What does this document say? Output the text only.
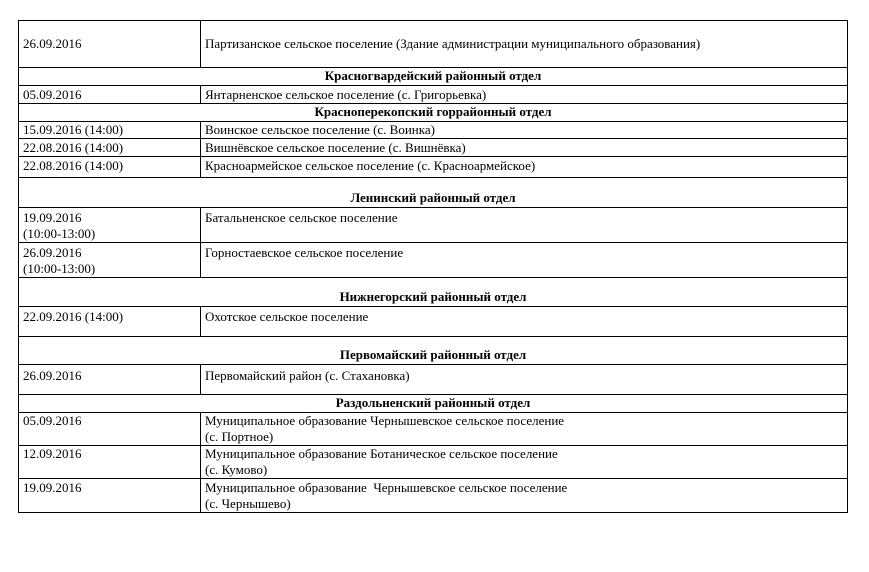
26.09.2016	Партизанское сельское поселение (Здание администрации муниципального образования)

Красногвардейский районный отдел	

05.09.2016	Янтарненское сельское поселение (с. Григорьевка)

Красноперекопский горрайонный отдел	

15.09.2016 (14:00)	Воинское сельское поселение (с. Воинка)

22.08.2016 (14:00)	Вишнёвское сельское поселение (с. Вишнёвка)

22.08.2016 (14:00)	Красноармейское сельское поселение (с. Красноармейское)

Ленинский районный отдел	

19.09.2016
(10:00-13:00)	Батальненское сельское поселение

26.09.2016
(10:00-13:00)	Горностаевское сельское поселение

Нижнегорский районный отдел	

22.09.2016 (14:00)	Охотское сельское поселение

Первомайский районный отдел	

26.09.2016	Первомайский район (с. Стахановка)

Раздольненский районный отдел	

05.09.2016	Муниципальное образование Чернышевское сельское поселение
(с. Портное)

12.09.2016	Муниципальное образование Ботаническое сельское поселение
(с. Кумово)

19.09.2016	Муниципальное образование  Чернышевское сельское поселение
(с. Чернышево)
